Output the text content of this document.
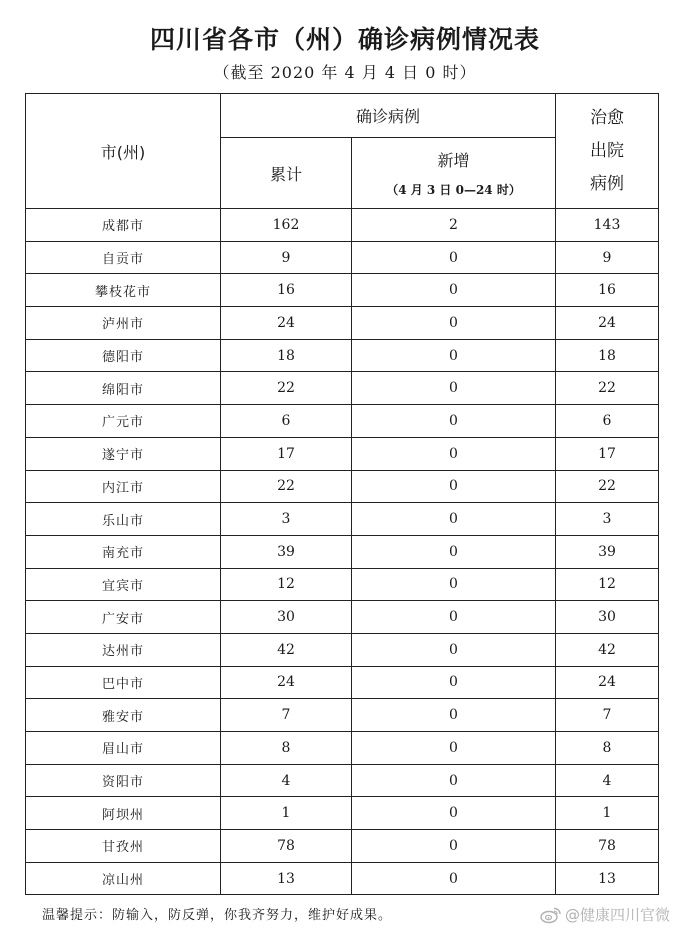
四川省各市（州）确诊病例情况表
（截至 2020 年 4 月 4 日 0 时）
市(州)	确诊病例		治愈
出院
病例

	累计	新增
（4 月 3 日 0—24 时）	

成都市	162	2	143
自贡市	9	0	9
攀枝花市	16	0	16
泸州市	24	0	24
德阳市	18	0	18
绵阳市	22	0	22
广元市	6	0	6
遂宁市	17	0	17
内江市	22	0	22
乐山市	3	0	3
南充市	39	0	39
宜宾市	12	0	12
广安市	30	0	30
达州市	42	0	42
巴中市	24	0	24
雅安市	7	0	7
眉山市	8	0	8
资阳市	4	0	4
阿坝州	1	0	1
甘孜州	78	0	78
凉山州	13	0	13
温馨提示：防输入，防反弹，你我齐努力，维护好成果。	@健康四川官微
